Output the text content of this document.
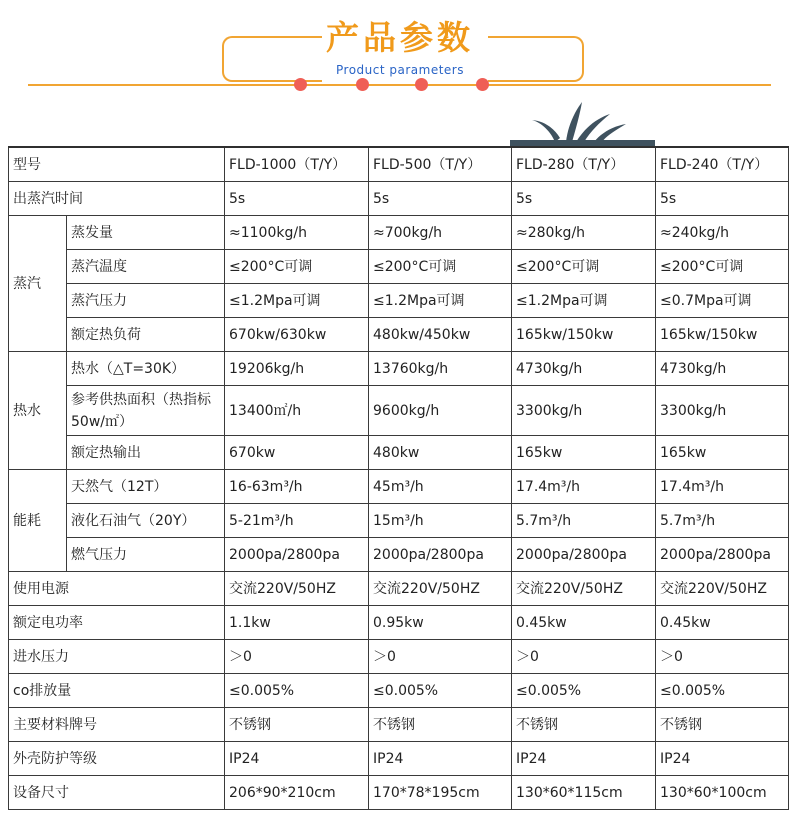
产品参数
Product parameters
型号		FLD-1000（T/Y）	FLD-500（T/Y）	FLD-280（T/Y）	FLD-240（T/Y）
出蒸汽时间		5s	5s	5s	5s
蒸汽	蒸发量	≈1100kg/h	≈700kg/h	≈280kg/h	≈240kg/h
	蒸汽温度	≤200°C可调	≤200°C可调	≤200°C可调	≤200°C可调
	蒸汽压力	≤1.2Mpa可调	≤1.2Mpa可调	≤1.2Mpa可调	≤0.7Mpa可调
	额定热负荷	670kw/630kw	480kw/450kw	165kw/150kw	165kw/150kw
热水	热水（△T=30K）	19206kg/h	13760kg/h	4730kg/h	4730kg/h
	参考供热面积（热指标50w/㎡）	13400㎡/h	9600kg/h	3300kg/h	3300kg/h
	额定热输出	670kw	480kw	165kw	165kw
能耗	天然气（12T）	16-63m³/h	45m³/h	17.4m³/h	17.4m³/h
	液化石油气（20Y）	5-21m³/h	15m³/h	5.7m³/h	5.7m³/h
	燃气压力	2000pa/2800pa	2000pa/2800pa	2000pa/2800pa	2000pa/2800pa
使用电源		交流220V/50HZ	交流220V/50HZ	交流220V/50HZ	交流220V/50HZ
额定电功率		1.1kw	0.95kw	0.45kw	0.45kw
进水压力		＞0	＞0	＞0	＞0
co排放量		≤0.005%	≤0.005%	≤0.005%	≤0.005%
主要材料牌号		不锈钢	不锈钢	不锈钢	不锈钢
外壳防护等级		IP24	IP24	IP24	IP24
设备尺寸		206*90*210cm	170*78*195cm	130*60*115cm	130*60*100cm
